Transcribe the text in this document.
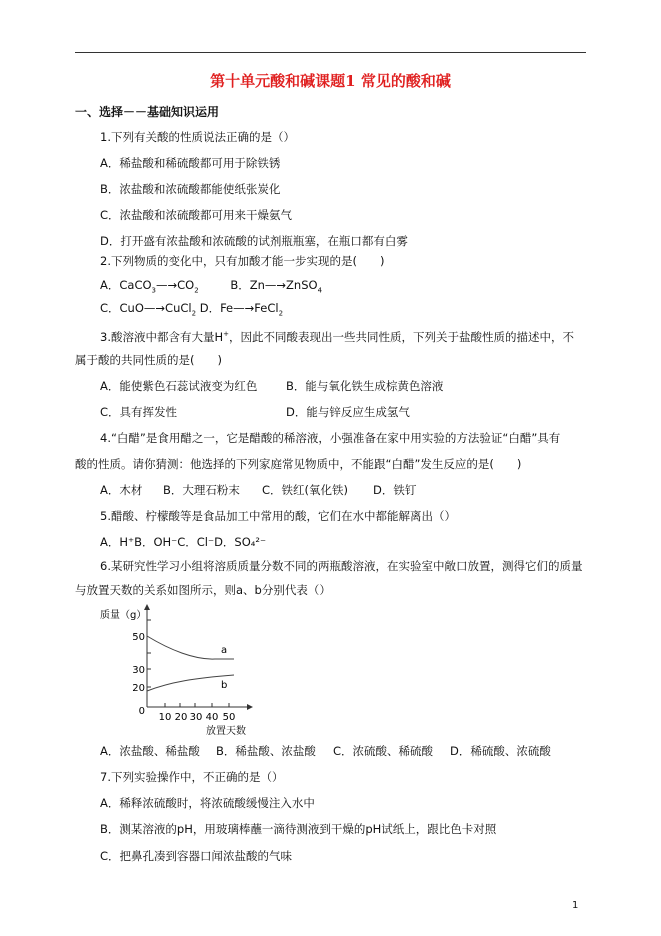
第十单元酸和碱课题1 常见的酸和碱
一、选择－－基础知识运用
1.下列有关酸的性质说法正确的是（）
A．稀盐酸和稀硫酸都可用于除铁锈
B．浓盐酸和浓硫酸都能使纸张炭化
C．浓盐酸和浓硫酸都可用来干燥氨气
D．打开盛有浓盐酸和浓硫酸的试剂瓶瓶塞，在瓶口都有白雾
2.下列物质的变化中，只有加酸才能一步实现的是(　　)
A．$CaCO_3—\to CO_2$	B．Zn—→ZnSO$_4$
C．CuO—→CuCl$_2$ D．Fe—→FeCl$_2$
3.酸溶液中都含有大量H+，因此不同酸表现出一些共同性质，下列关于盐酸性质的描述中，不
属于酸的共同性质的是(　　)
A．能使紫色石蕊试液变为红色 B．能与氧化铁生成棕黄色溶液
C．具有挥发性	D．能与锌反应生成氢气
4.“白醋”是食用醋之一，它是醋酸的稀溶液，小强准备在家中用实验的方法验证“白醋”具有
酸的性质。请你猜测：他选择的下列家庭常见物质中，不能跟“白醋”发生反应的是(　　)
A．木材 B．大理石粉末 C．铁红(氧化铁) D．铁钉
5.醋酸、柠檬酸等是食品加工中常用的酸，它们在水中都能解离出（）
A．H⁺B．OH⁻C．Cl⁻D．SO₄²⁻
6.某研究性学习小组将溶质质量分数不同的两瓶酸溶液，在实验室中敞口放置，测得它们的质量
与放置天数的关系如图所示，则a、b分别代表（）
质量（g）
50
30
20
0
10 20 30 40 50
放置天数
a
b
A．浓盐酸、稀盐酸 B．稀盐酸、浓盐酸 C．浓硫酸、稀硫酸 D．稀硫酸、浓硫酸
7.下列实验操作中，不正确的是（）
A．稀释浓硫酸时，将浓硫酸缓慢注入水中
B．测某溶液的pH，用玻璃棒蘸一滴待测液到干燥的pH试纸上，跟比色卡对照
C．把鼻孔凑到容器口闻浓盐酸的气味
1
